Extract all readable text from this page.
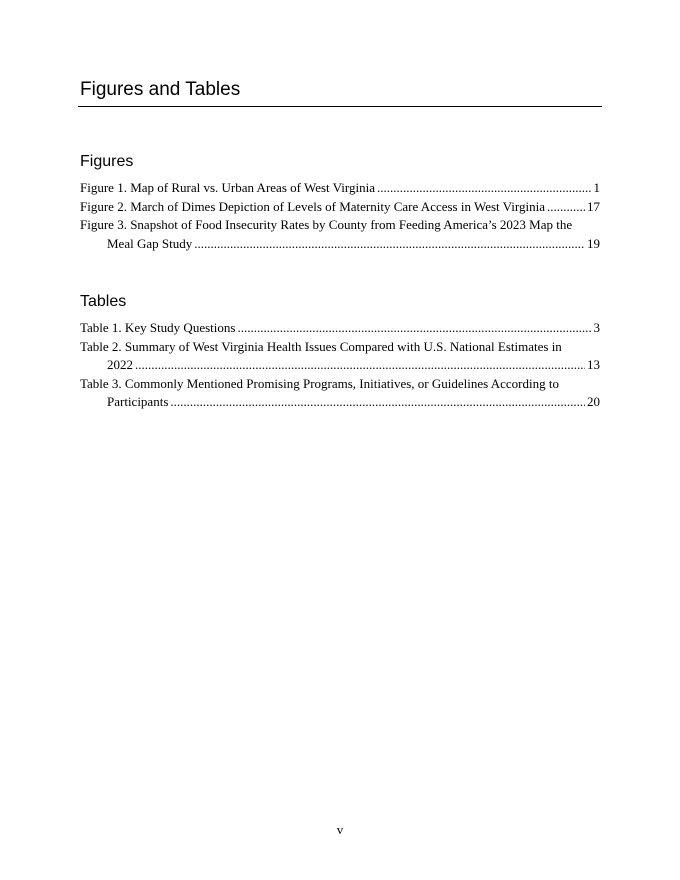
Figures and Tables
Figures
Figure 1. Map of Rural vs. Urban Areas of West Virginia .....	1
Figure 2. March of Dimes Depiction of Levels of Maternity Care Access in West Virginia .....	17
Figure 3. Snapshot of Food Insecurity Rates by County from Feeding America’s 2023 Map the
Meal Gap Study .....	19
Tables
Table 1. Key Study Questions .....	3
Table 2. Summary of West Virginia Health Issues Compared with U.S. National Estimates in
2022 .....	13
Table 3. Commonly Mentioned Promising Programs, Initiatives, or Guidelines According to
Participants .....	20
v
